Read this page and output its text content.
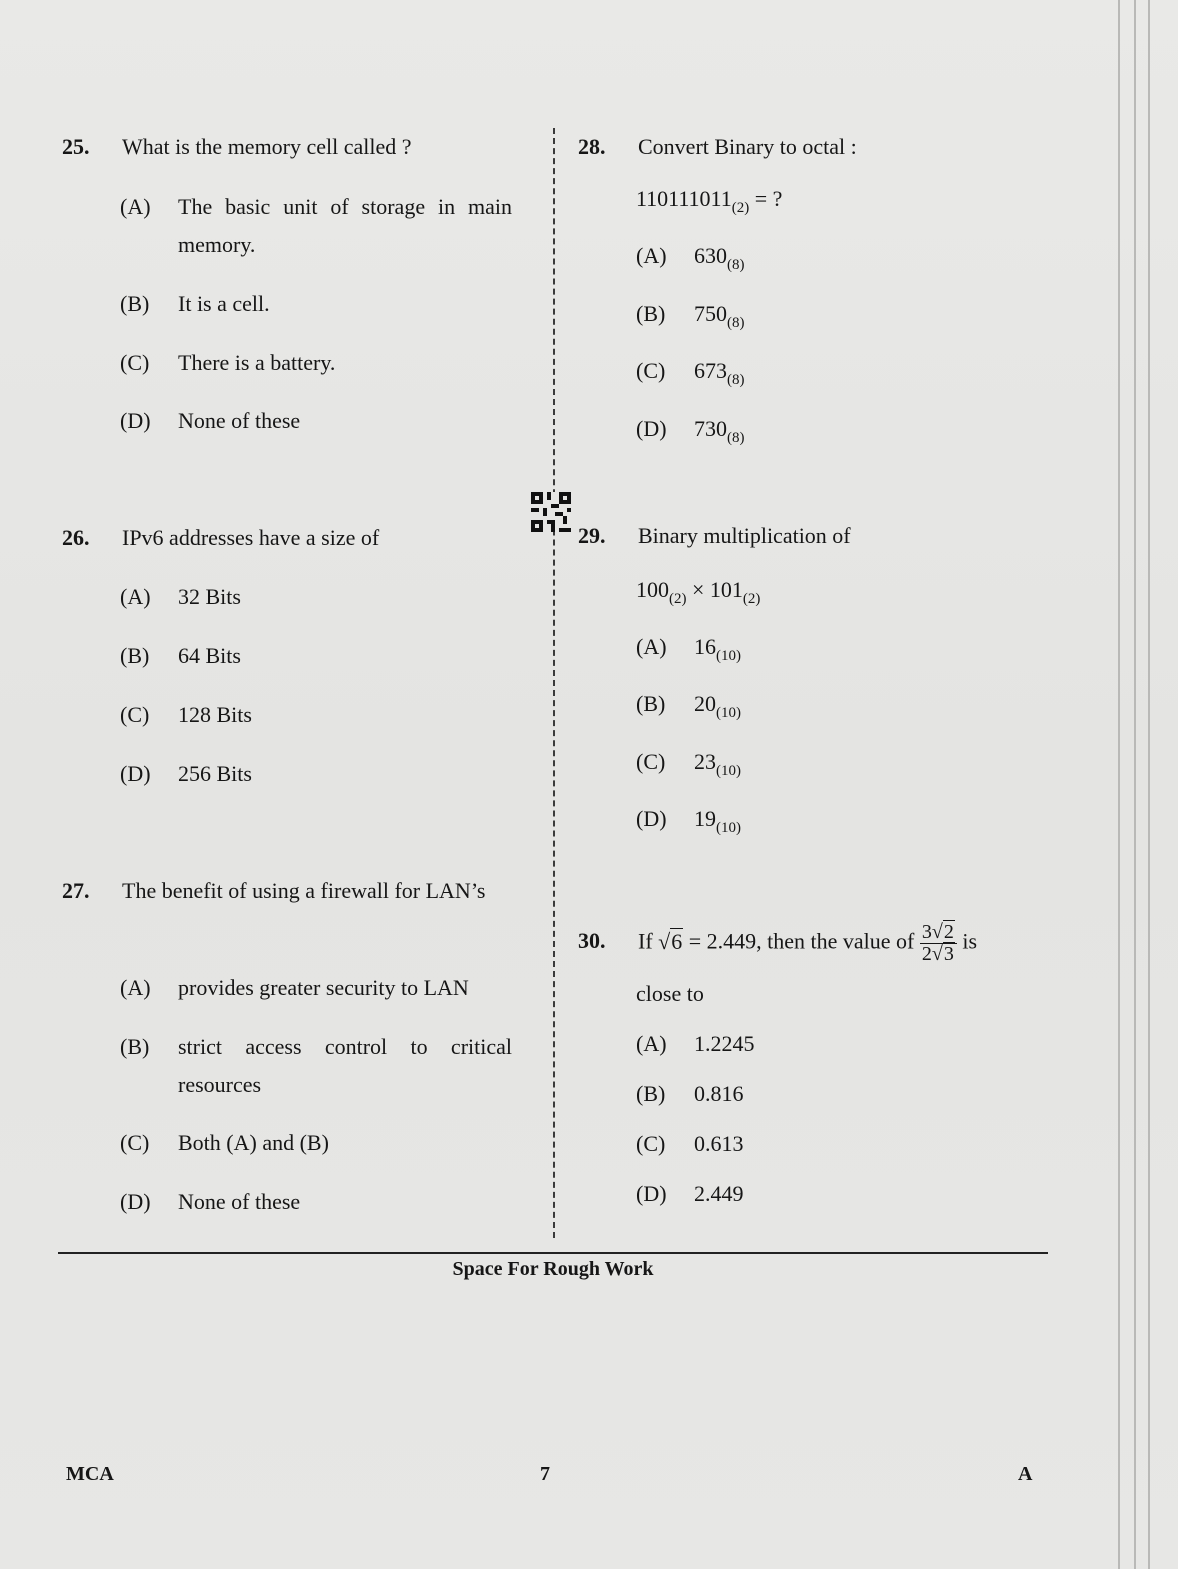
25. What is the memory cell called ?
(A) The basic unit of storage in main memory.
(B) It is a cell.
(C) There is a battery.
(D) None of these
26. IPv6 addresses have a size of
(A) 32 Bits
(B) 64 Bits
(C) 128 Bits
(D) 256 Bits
27. The benefit of using a firewall for LAN’s
(A) provides greater security to LAN
(B) strict access control to critical resources
(C) Both (A) and (B)
(D) None of these
28. Convert Binary to octal :
$110111011_{(2)}$ = ?
(A) $630_{(8)}$
(B) $750_{(8)}$
(C) $673_{(8)}$
(D) $730_{(8)}$
29. Binary multiplication of
$100_{(2)} \times 101_{(2)}$
(A) $16_{(10)}$
(B) $20_{(10)}$
(C) $23_{(10)}$
(D) $19_{(10)}$
30. If √6 = 2.449, then the value of $\frac{3√2}{2√3}$ is
close to
(A) 1.2245
(B) 0.816
(C) 0.613
(D) 2.449
Space For Rough Work
MCA	7	A
